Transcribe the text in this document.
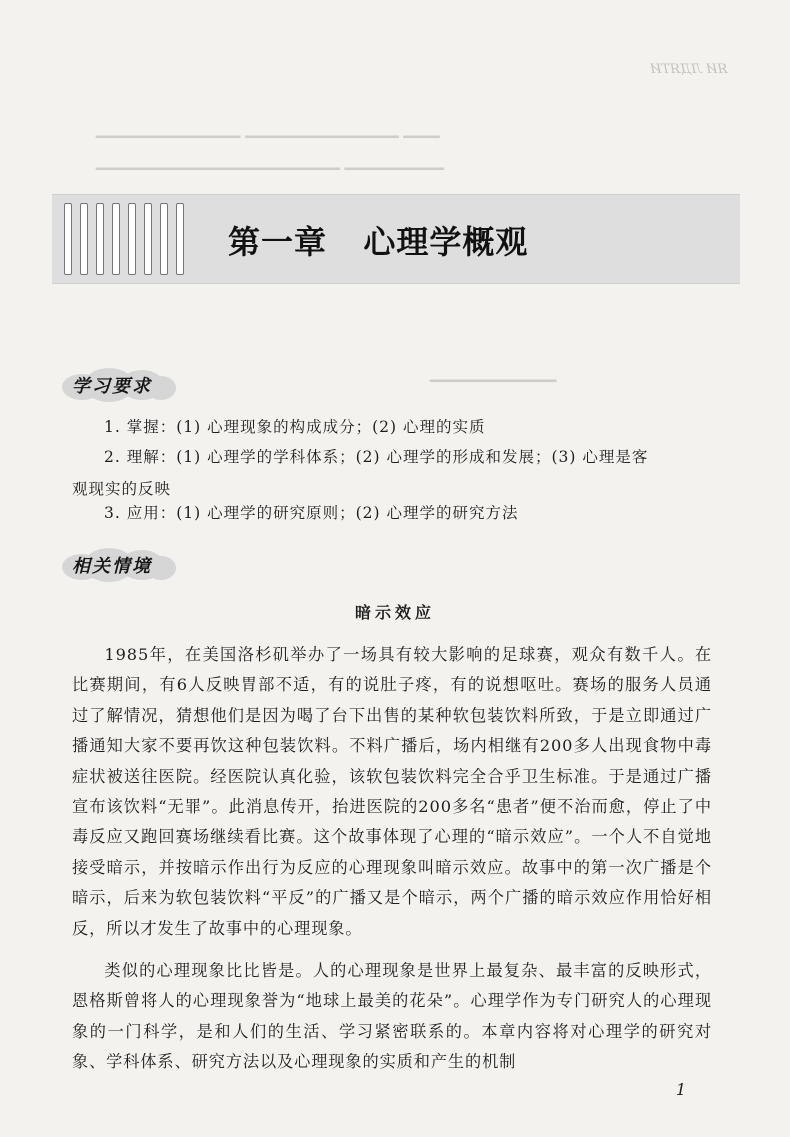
ЯИ ЛДЯТИ
━━━━ ━━━━━━━━━━━━━━━━━ ━━━━━━━━━━━━━━━━
━━━━━━━━━━━ ━━━━━━━━━━━━━━━━━━━━━━━━━━━
━━━━━━━━━━━━━━
第一章   心理学概观
学习要求
1. 掌握：(1) 心理现象的构成成分；(2) 心理的实质
2. 理解：(1) 心理学的学科体系；(2) 心理学的形成和发展；(3) 心理是客
观现实的反映
3. 应用：(1) 心理学的研究原则；(2) 心理学的研究方法
相关情境
暗示效应
1985年，在美国洛杉矶举办了一场具有较大影响的足球赛，观众有数千人。在比赛期间，有6人反映胃部不适，有的说肚子疼，有的说想呕吐。赛场的服务人员通过了解情况，猜想他们是因为喝了台下出售的某种软包装饮料所致，于是立即通过广播通知大家不要再饮这种包装饮料。不料广播后，场内相继有200多人出现食物中毒症状被送往医院。经医院认真化验，该软包装饮料完全合乎卫生标准。于是通过广播宣布该饮料“无罪”。此消息传开，抬进医院的200多名“患者”便不治而愈，停止了中毒反应又跑回赛场继续看比赛。这个故事体现了心理的“暗示效应”。一个人不自觉地接受暗示，并按暗示作出行为反应的心理现象叫暗示效应。故事中的第一次广播是个暗示，后来为软包装饮料“平反”的广播又是个暗示，两个广播的暗示效应作用恰好相反，所以才发生了故事中的心理现象。
类似的心理现象比比皆是。人的心理现象是世界上最复杂、最丰富的反映形式，恩格斯曾将人的心理现象誉为“地球上最美的花朵”。心理学作为专门研究人的心理现象的一门科学，是和人们的生活、学习紧密联系的。本章内容将对心理学的研究对象、学科体系、研究方法以及心理现象的实质和产生的机制
1
